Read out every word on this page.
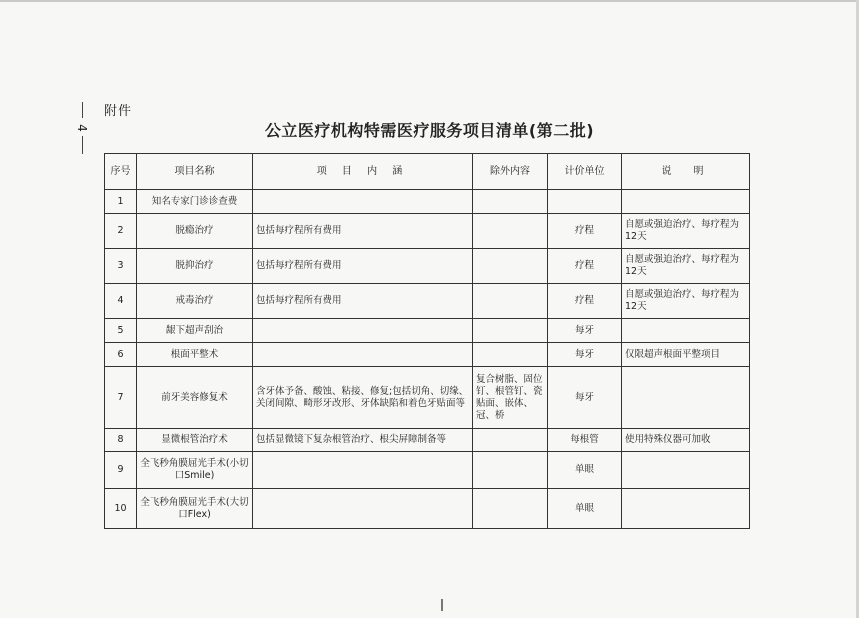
4
附件
公立医疗机构特需医疗服务项目清单(第二批)
序号	项目名称	项 目 内 涵	除外内容	计价单位	说　明
1	知名专家门诊诊查费				
2	脱瘾治疗	包括每疗程所有费用		疗程	自愿或强迫治疗、每疗程为12天
3	脱抑治疗	包括每疗程所有费用		疗程	自愿或强迫治疗、每疗程为12天
4	戒毒治疗	包括每疗程所有费用		疗程	自愿或强迫治疗、每疗程为12天
5	龈下超声刮治			每牙	
6	根面平整术			每牙	仅限超声根面平整项目
7	前牙美容修复术	含牙体予备、酸蚀、粘接、修复;包括切角、切缘、关闭间隙、畸形牙改形、牙体缺陷和着色牙贴面等	复合树脂、固位钉、根管钉、瓷贴面、嵌体、冠、桥	每牙	
8	显微根管治疗术	包括显微镜下复杂根管治疗、根尖屏障制备等		每根管	使用特殊仪器可加收
9	全飞秒角膜屈光手术(小切口Smile)			单眼	
10	全飞秒角膜屈光手术(大切口Flex)			单眼	
